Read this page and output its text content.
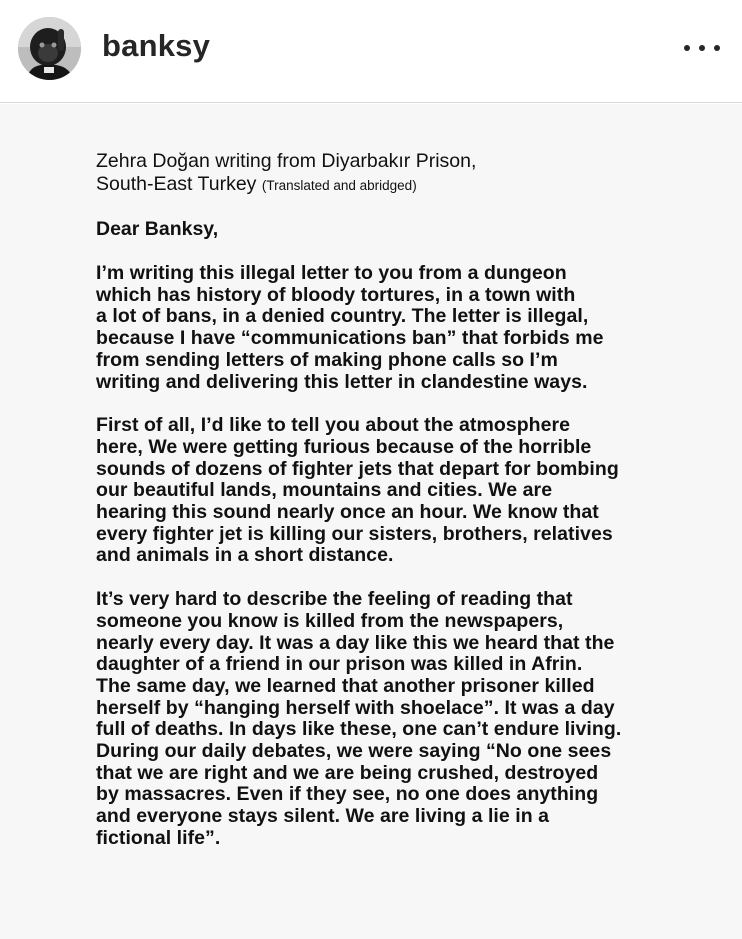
banksy
Zehra Doğan writing from Diyarbakır Prison,
South-East Turkey (Translated and abridged)
Dear Banksy,
I’m writing this illegal letter to you from a dungeon
which has history of bloody tortures, in a town with
a lot of bans, in a denied country. The letter is illegal,
because I have “communications ban” that forbids me
from sending letters of making phone calls so I’m
writing and delivering this letter in clandestine ways.
First of all, I’d like to tell you about the atmosphere
here, We were getting furious because of the horrible
sounds of dozens of fighter jets that depart for bombing
our beautiful lands, mountains and cities. We are
hearing this sound nearly once an hour. We know that
every fighter jet is killing our sisters, brothers, relatives
and animals in a short distance.
It’s very hard to describe the feeling of reading that
someone you know is killed from the newspapers,
nearly every day. It was a day like this we heard that the
daughter of a friend in our prison was killed in Afrin.
The same day, we learned that another prisoner killed
herself by “hanging herself with shoelace”. It was a day
full of deaths. In days like these, one can’t endure living.
During our daily debates, we were saying “No one sees
that we are right and we are being crushed, destroyed
by massacres. Even if they see, no one does anything
and everyone stays silent. We are living a lie in a
fictional life”.
